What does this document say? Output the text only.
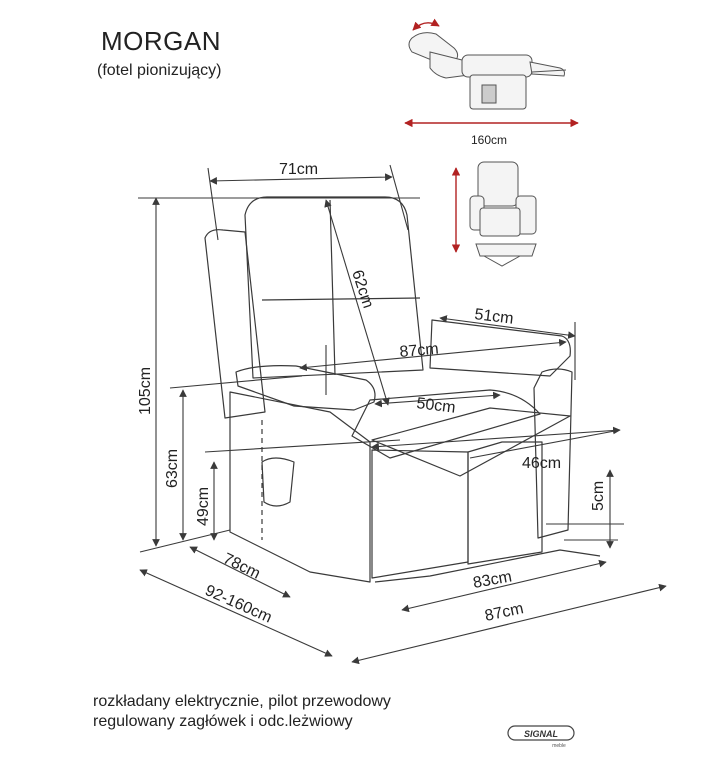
MORGAN
(fotel pionizujący)
160cm
71cm
62cm
51cm
87cm
50cm
46cm
105cm
63cm
49cm	5cm
78cm
92-160cm
83cm
87cm
rozkładany elektrycznie, pilot przewodowy
regulowany zagłówek i odc.leżwiowy
SIGNAL
meble
